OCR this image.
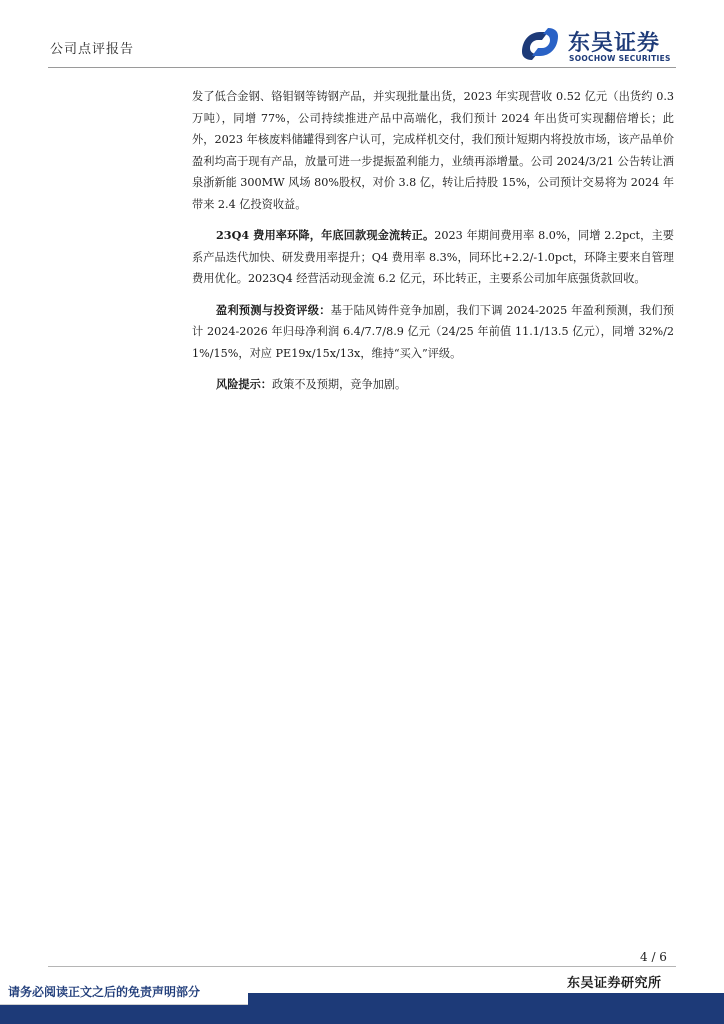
公司点评报告	东吴证券
SOOCHOW SECURITIES

发了低合金钢、铬钼钢等铸钢产品，并实现批量出货，2023 年实现营收 0.52 亿元（出货约 0.3 万吨），同增 77%，公司持续推进产品中高端化，我们预计 2024 年出货可实现翻倍增长；此外，2023 年核废料储罐得到客户认可，完成样机交付，我们预计短期内将投放市场，该产品单价盈利均高于现有产品，放量可进一步提振盈利能力，业绩再添增量。公司 2024/3/21 公告转让酒泉浙新能 300MW 风场 80%股权，对价 3.8 亿，转让后持股 15%，公司预计交易将为 2024 年带来 2.4 亿投资收益。

23Q4 费用率环降，年底回款现金流转正。2023 年期间费用率 8.0%，同增 2.2pct，主要系产品迭代加快、研发费用率提升；Q4 费用率 8.3%，同环比+2.2/-1.0pct，环降主要来自管理费用优化。2023Q4 经营活动现金流 6.2 亿元，环比转正，主要系公司加年底强货款回收。

盈利预测与投资评级：基于陆风铸件竞争加剧，我们下调 2024-2025 年盈利预测，我们预计 2024-2026 年归母净利润 6.4/7.7/8.9 亿元（24/25 年前值 11.1/13.5 亿元），同增 32%/21%/15%，对应 PE19x/15x/13x，维持“买入”评级。

风险提示：政策不及预期，竞争加剧。

4 / 6
东吴证券研究所
请务必阅读正文之后的免责声明部分
